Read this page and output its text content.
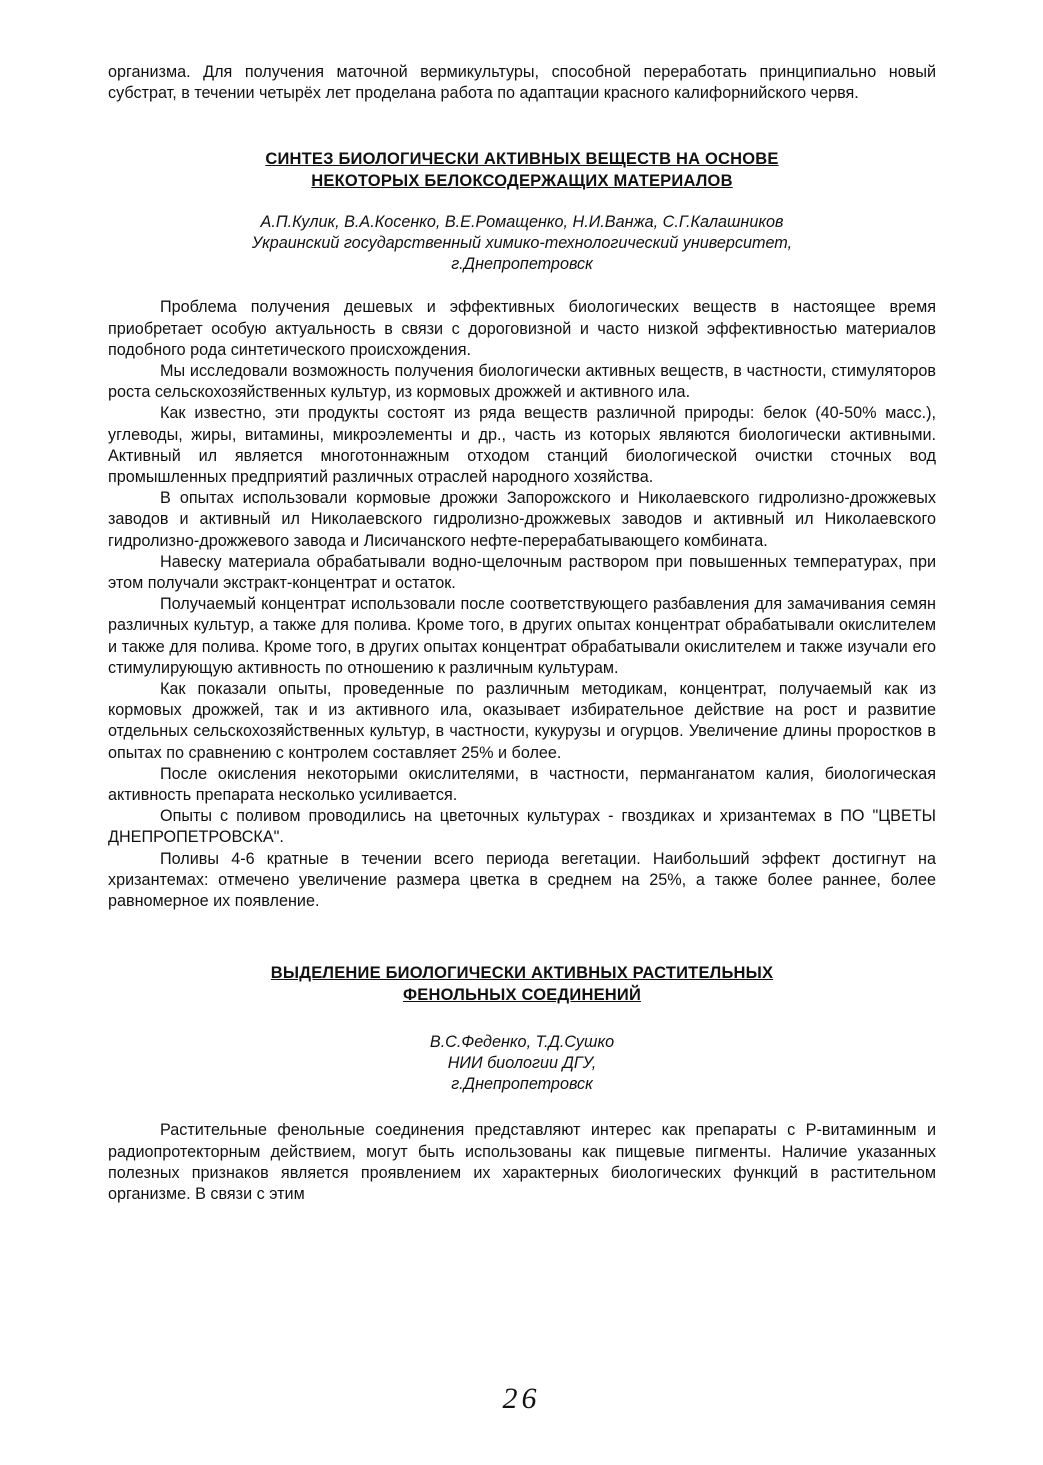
организма. Для получения маточной вермикультуры, способной переработать принципиально новый субстрат, в течении четырёх лет проделана работа по адаптации красного калифорнийского червя.

СИНТЕЗ БИОЛОГИЧЕСКИ АКТИВНЫХ ВЕЩЕСТВ НА ОСНОВЕ

НЕКОТОРЫХ БЕЛОКСОДЕРЖАЩИХ МАТЕРИАЛОВ

А.П.Кулик, В.А.Косенко, В.Е.Ромащенко, Н.И.Ванжа, С.Г.Калашников

Украинский государственный химико-технологический университет,

г.Днепропетровск

Проблема получения дешевых и эффективных биологических веществ в настоящее время приобретает особую актуальность в связи с дороговизной и часто низкой эффективностью материалов подобного рода синтетического происхождения.

Мы исследовали возможность получения биологически активных веществ, в частности, стимуляторов роста сельскохозяйственных культур, из кормовых дрожжей и активного ила.

Как известно, эти продукты состоят из ряда веществ различной природы: белок (40-50% масс.), углеводы, жиры, витамины, микроэлементы и др., часть из которых являются биологически активными. Активный ил является многотоннажным отходом станций биологической очистки сточных вод промышленных предприятий различных отраслей народного хозяйства.

В опытах использовали кормовые дрожжи Запорожского и Николаевского гидролизно-дрожжевых заводов и активный ил Николаевского гидролизно-дрожжевых заводов и активный ил Николаевского гидролизно-дрожжевого завода и Лисичанского нефте-перерабатывающего комбината.

Навеску материала обрабатывали водно-щелочным раствором при повышенных температурах, при этом получали экстракт-концентрат и остаток.

Получаемый концентрат использовали после соответствующего разбавления для замачивания семян различных культур, а также для полива. Кроме того, в других опытах концентрат обрабатывали окислителем и также для полива. Кроме того, в других опытах концентрат обрабатывали окислителем и также изучали его стимулирующую активность по отношению к различным культурам.

Как показали опыты, проведенные по различным методикам, концентрат, получаемый как из кормовых дрожжей, так и из активного ила, оказывает избирательное действие на рост и развитие отдельных сельскохозяйственных культур, в частности, кукурузы и огурцов. Увеличение длины проростков в опытах по сравнению с контролем составляет 25% и более.

После окисления некоторыми окислителями, в частности, перманганатом калия, биологическая активность препарата несколько усиливается.

Опыты с поливом проводились на цветочных культурах - гвоздиках и хризантемах в ПО "ЦВЕТЫ ДНЕПРОПЕТРОВСКА".

Поливы 4-6 кратные в течении всего периода вегетации. Наибольший эффект достигнут на хризантемах: отмечено увеличение размера цветка в среднем на 25%, а также более раннее, более равномерное их появление.

ВЫДЕЛЕНИЕ БИОЛОГИЧЕСКИ АКТИВНЫХ РАСТИТЕЛЬНЫХ

ФЕНОЛЬНЫХ СОЕДИНЕНИЙ

В.С.Феденко, Т.Д.Сушко

НИИ биологии ДГУ,

г.Днепропетровск

Растительные фенольные соединения представляют интерес как препараты с Р-витаминным и радиопротекторным действием, могут быть использованы как пищевые пигменты. Наличие указанных полезных признаков является проявлением их характерных биологических функций в растительном организме. В связи с этим

26
